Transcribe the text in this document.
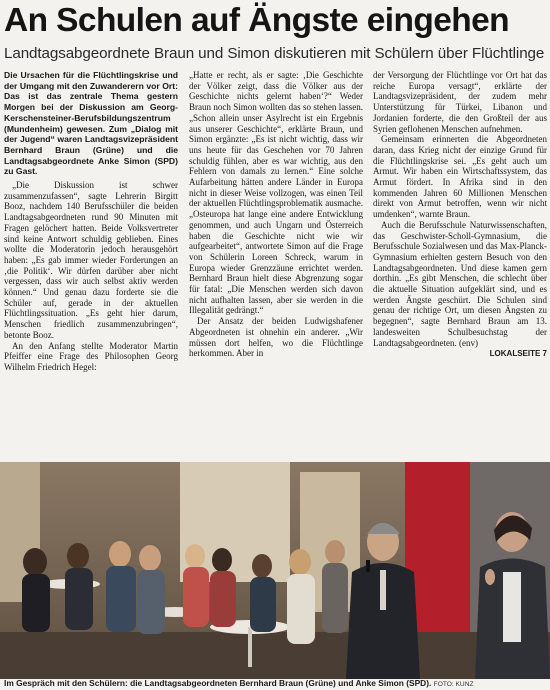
An Schulen auf Ängste eingehen
Landtagsabgeordnete Braun und Simon diskutieren mit Schülern über Flüchtlinge

Die Ursachen für die Flüchtlingskrise und der Umgang mit den Zuwanderern vor Ort: Das ist das zentrale Thema gestern Morgen bei der Diskussion am Georg-Kerschensteiner-Berufsbildungszentrum (Mundenheim) gewesen. Zum „Dialog mit der Jugend“ waren Landtagsvizepräsident Bernhard Braun (Grüne) und die Landtagsabgeordnete Anke Simon (SPD) zu Gast.

„Die Diskussion ist schwer zusammenzufassen“, sagte Lehrerin Birgitt Booz, nachdem 140 Berufsschüler die beiden Landtagsabgeordneten rund 90 Minuten mit Fragen gelöchert hatten. Beide Volksvertreter sind keine Antwort schuldig geblieben. Eines wollte die Moderatorin jedoch herausgehört haben: „Es gab immer wieder Forderungen an ‚die Politik‘. Wir dürfen darüber aber nicht vergessen, dass wir auch selbst aktiv werden können.“ Und genau dazu forderte sie die Schüler auf, gerade in der aktuellen Flüchtlingssituation. „Es geht hier darum, Menschen friedlich zusammenzubringen“, betonte Booz.

An den Anfang stellte Moderator Martin Pfeiffer eine Frage des Philosophen Georg Wilhelm Friedrich Hegel:

„Hatte er recht, als er sagte: ‚Die Geschichte der Völker zeigt, dass die Völker aus der Geschichte nichts gelernt haben‘?“ Weder Braun noch Simon wollten das so stehen lassen. „Schon allein unser Asylrecht ist ein Ergebnis aus unserer Geschichte“, erklärte Braun, und Simon ergänzte: „Es ist nicht wichtig, dass wir uns heute für das Geschehen vor 70 Jahren schuldig fühlen, aber es war wichtig, aus den Fehlern von damals zu lernen.“ Eine solche Aufarbeitung hätten andere Länder in Europa nicht in dieser Weise vollzogen, was einen Teil der aktuellen Flüchtlingsproblematik ausmache. „Osteuropa hat lange eine andere Entwicklung genommen, und auch Ungarn und Österreich haben die Geschichte nicht wie wir aufgearbeitet“, antwortete Simon auf die Frage von Schülerin Loreen Schreck, warum in Europa wieder Grenzzäune errichtet werden. Bernhard Braun hielt diese Abgrenzung sogar für fatal: „Die Menschen werden sich davon nicht aufhalten lassen, aber sie werden in die Illegalität gedrängt.“

Der Ansatz der beiden Ludwigshafener Abgeordneten ist ohnehin ein anderer. „Wir müssen dort helfen, wo die Flüchtlinge herkommen. Aber in

der Versorgung der Flüchtlinge vor Ort hat das reiche Europa versagt“, erklärte der Landtagsvizepräsident, der zudem mehr Unterstützung für Türkei, Libanon und Jordanien forderte, die den Großteil der aus Syrien geflohenen Menschen aufnehmen.

Gemeinsam erinnerten die Abgeordneten daran, dass Krieg nicht der einzige Grund für die Flüchtlingskrise sei. „Es geht auch um Armut. Wir haben ein Wirtschaftssystem, das Armut fördert. In Afrika sind in den kommenden Jahren 60 Millionen Menschen direkt von Armut betroffen, wenn wir nicht umdenken“, warnte Braun.

Auch die Berufsschule Naturwissenschaften, das Geschwister-Scholl-Gymnasium, die Berufsschule Sozialwesen und das Max-Planck-Gymnasium erhielten gestern Besuch von den Landtagsabgeordneten. Und diese kamen gern dorthin. „Es gibt Menschen, die schlecht über die aktuelle Situation aufgeklärt sind, und es werden Ängste geschürt. Die Schulen sind genau der richtige Ort, um diesen Ängsten zu begegnen“, sagte Bernhard Braun am 13. landesweiten Schulbesuchstag der Landtagsabgeordneten. (env)

LOKALSEITE 7
Im Gespräch mit den Schülern: die Landtagsabgeordneten Bernhard Braun (Grüne) und Anke Simon (SPD). FOTO: KUNZ
